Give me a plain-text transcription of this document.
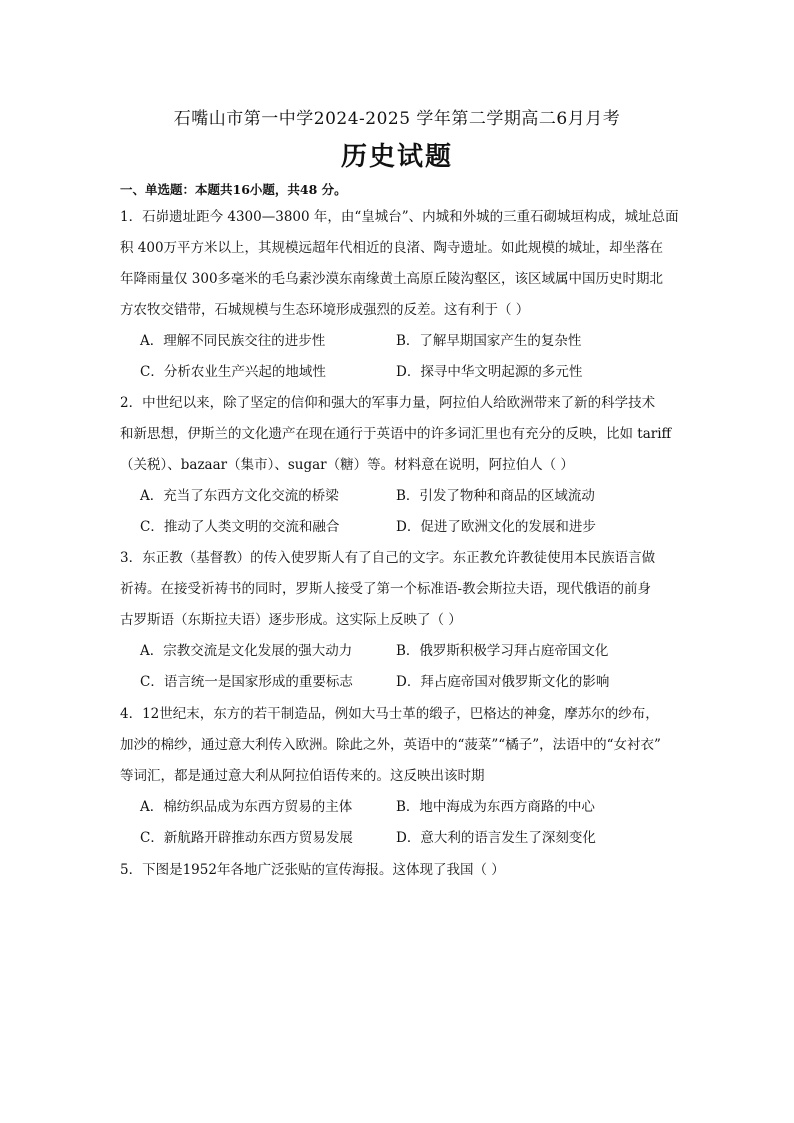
石嘴山市第一中学2024-2025 学年第二学期高二6月月考
历史试题
一、单选题：本题共16小题，共48 分。

1．石峁遗址距今 4300—3800 年，由“皇城台”、内城和外城的三重石砌城垣构成，城址总面

积 400万平方米以上，其规模远超年代相近的良渚、陶寺遗址。如此规模的城址，却坐落在

年降雨量仅 300多毫米的毛乌素沙漠东南缘黄土高原丘陵沟壑区，该区域属中国历史时期北

方农牧交错带，石城规模与生态环境形成强烈的反差。这有利于（ ）

A．理解不同民族交往的进步性	B．了解早期国家产生的复杂性
C．分析农业生产兴起的地域性	D．探寻中华文明起源的多元性

2．中世纪以来，除了坚定的信仰和强大的军事力量，阿拉伯人给欧洲带来了新的科学技术

和新思想，伊斯兰的文化遗产在现在通行于英语中的许多词汇里也有充分的反映，比如 tariff

（关税）、bazaar（集市）、sugar（糖）等。材料意在说明，阿拉伯人（ ）

A．充当了东西方文化交流的桥梁	B．引发了物种和商品的区域流动
C．推动了人类文明的交流和融合	D．促进了欧洲文化的发展和进步

3．东正教（基督教）的传入使罗斯人有了自己的文字。东正教允许教徒使用本民族语言做

祈祷。在接受祈祷书的同时，罗斯人接受了第一个标准语-教会斯拉夫语，现代俄语的前身

古罗斯语（东斯拉夫语）逐步形成。这实际上反映了（ ）

A．宗教交流是文化发展的强大动力	B．俄罗斯积极学习拜占庭帝国文化
C．语言统一是国家形成的重要标志	D．拜占庭帝国对俄罗斯文化的影响

4．12世纪末，东方的若干制造品，例如大马士革的缎子，巴格达的神龛，摩苏尔的纱布，

加沙的棉纱，通过意大利传入欧洲。除此之外，英语中的“菠菜”“橘子”，法语中的“女衬衣”

等词汇，都是通过意大利从阿拉伯语传来的。这反映出该时期

A．棉纺织品成为东西方贸易的主体	B．地中海成为东西方商路的中心
C．新航路开辟推动东西方贸易发展	D．意大利的语言发生了深刻变化

5．下图是1952年各地广泛张贴的宣传海报。这体现了我国（ ）
